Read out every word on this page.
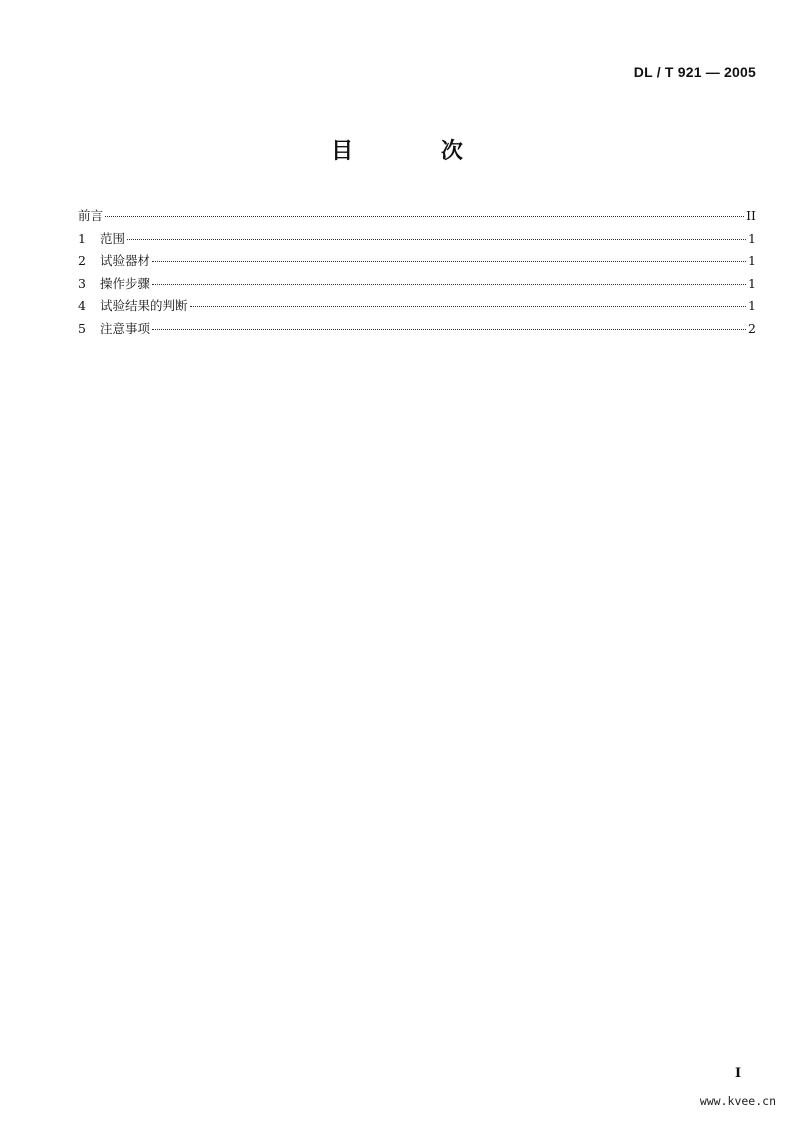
DL / T 921 — 2005
目 次
前言	II
1	范围	1
2	试验器材	1
3	操作步骤	1
4	试验结果的判断	1
5	注意事项	2
I
www.kvee.cn
